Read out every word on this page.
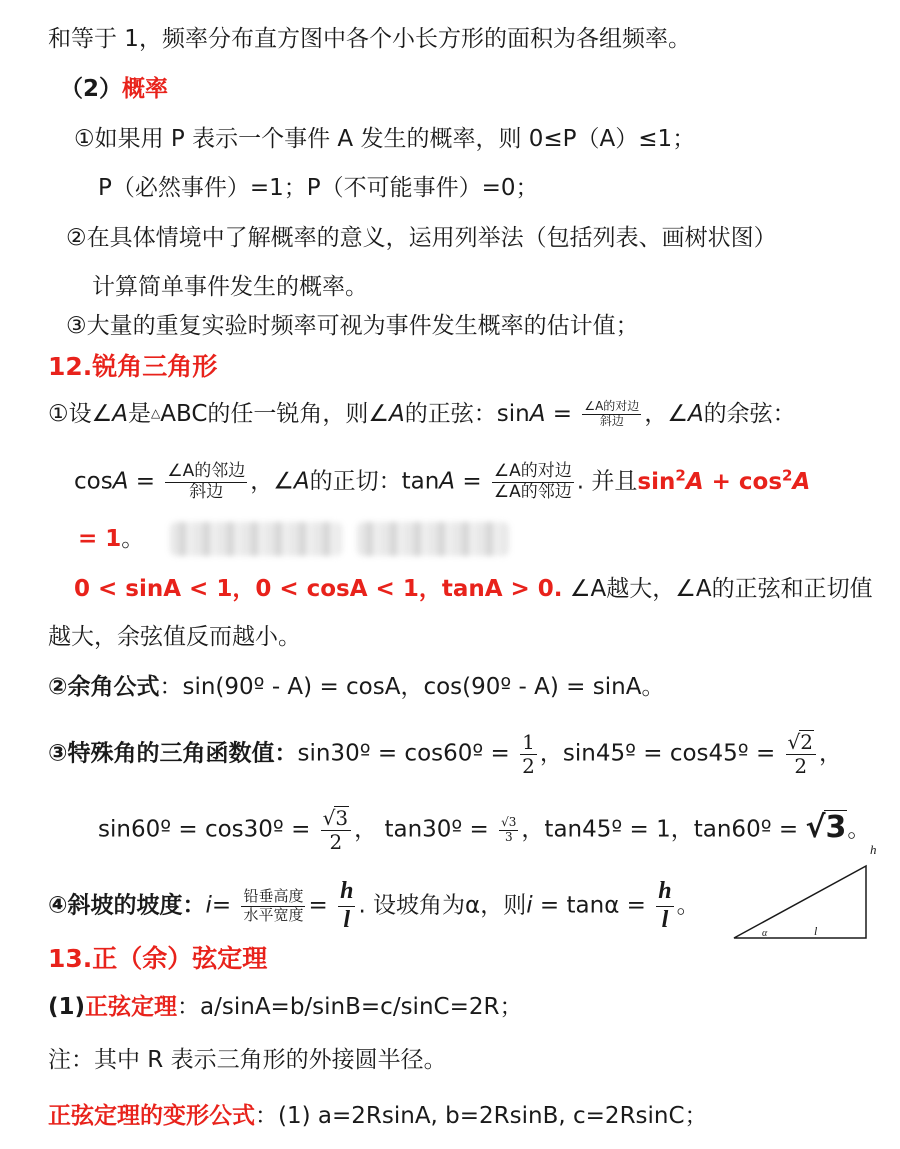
和等于 1，频率分布直方图中各个小长方形的面积为各组频率。
（2）概率
①如果用 P 表示一个事件 A 发生的概率，则 0≤P（A）≤1；
P（必然事件）=1；P（不可能事件）=0；
②在具体情境中了解概率的意义，运用列举法（包括列表、画树状图）
计算简单事件发生的概率。
③大量的重复实验时频率可视为事件发生概率的估计值；
12.锐角三角形
①设∠A是△ABC的任一锐角，则∠A的正弦：$\sin A = \frac{\text{∠A的对边}}{\text{斜边}}$ ，∠A的余弦：
$\cos A = \frac{\text{∠A的邻边}}{\text{斜边}}$ ，∠A的正切：$\tan A = \frac{\text{∠A的对边}}{\text{∠A的邻边}}$ . 并且$\sin^2A + \cos^2A$
= 1。
0 < sinA < 1，0 < cosA < 1，tanA > 0. ∠A越大，∠A的正弦和正切值
越大，余弦值反而越小。
②余角公式：sin(90º - A) = cosA，cos(90º - A) = sinA。
③特殊角的三角函数值：sin30º = cos60º = $\frac{1}{2}$ ，sin45º = cos45º = $\frac{√2}{2}$ ，
sin60º = cos30º = $\frac{√3}{2}$ ， tan30º = $\frac{√3}{3}$ ，tan45º = 1，tan60º = √3。
④斜坡的坡度：$i= \frac{\text{铅垂高度}}{\text{水平宽度}} = \frac{h}{l}$ . 设坡角为α，则$i = \tan\alpha = \frac{h}{l}$ 。
h
l
α
13.正（余）弦定理
(1)正弦定理：a/sinA=b/sinB=c/sinC=2R；
注：其中 R 表示三角形的外接圆半径。
正弦定理的变形公式：(1) a=2RsinA, b=2RsinB, c=2RsinC；
